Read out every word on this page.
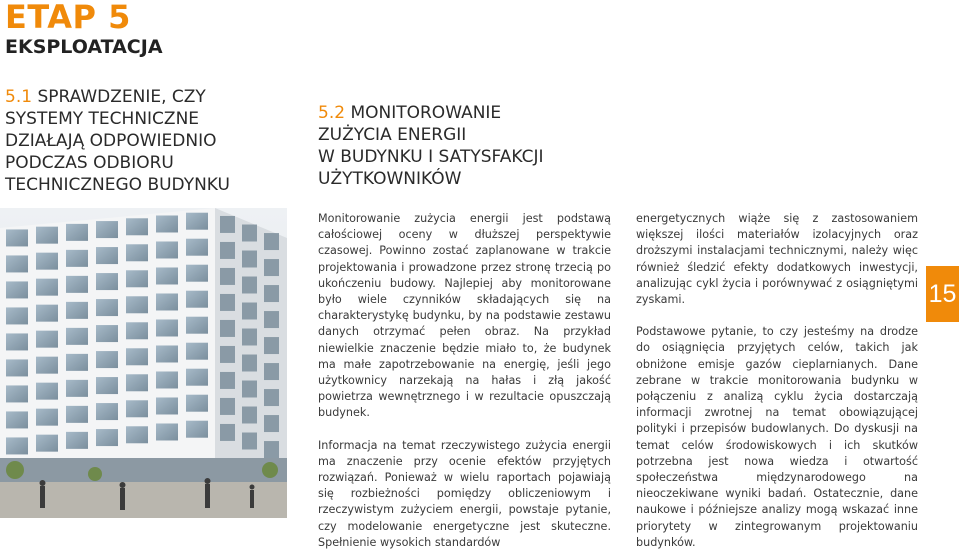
ETAP 5
EKSPLOATACJA
5.1 SPRAWDZENIE, CZY
SYSTEMY TECHNICZNE
DZIAŁAJĄ ODPOWIEDNIO
PODCZAS ODBIORU
TECHNICZNEGO BUDYNKU
5.2 MONITOROWANIE
ZUŻYCIA ENERGII
W BUDYNKU I SATYSFAKCJI
UŻYTKOWNIKÓW

Monitorowanie zużycia energii jest podstawą całościowej oceny w dłuższej perspektywie czasowej. Powinno zostać zaplanowane w trakcie projektowania i prowadzone przez stronę trzecią po ukończeniu budowy. Najlepiej aby monitorowane było wiele czynników składających się na charakterystykę budynku, by na podstawie zestawu danych otrzymać pełen obraz. Na przykład niewielkie znaczenie będzie miało to, że budynek ma małe zapotrzebowanie na energię, jeśli jego użytkownicy narzekają na hałas i złą jakość powietrza wewnętrznego i w rezultacie opuszczają budynek.

Informacja na temat rzeczywistego zużycia energii ma znaczenie przy ocenie efektów przyjętych rozwiązań. Ponieważ w wielu raportach pojawiają się rozbieżności pomiędzy obliczeniowym i rzeczywistym zużyciem energii, powstaje pytanie, czy modelowanie energetyczne jest skuteczne. Spełnienie wysokich standardów

energetycznych wiąże się z zastosowaniem większej ilości materiałów izolacyjnych oraz droższymi instalacjami technicznymi, należy więc również śledzić efekty dodatkowych inwestycji, analizując cykl życia i porównywać z osiągniętymi zyskami.

Podstawowe pytanie, to czy jesteśmy na drodze do osiągnięcia przyjętych celów, takich jak obniżone emisje gazów cieplarnianych. Dane zebrane w trakcie monitorowania budynku w połączeniu z analizą cyklu życia dostarczają informacji zwrotnej na temat obowiązującej polityki i przepisów budowlanych. Do dyskusji na temat celów środowiskowych i ich skutków potrzebna jest nowa wiedza i otwartość społeczeństwa międzynarodowego na nieoczekiwane wyniki badań. Ostatecznie, dane naukowe i późniejsze analizy mogą wskazać inne priorytety w zintegrowanym projektowaniu budynków.

15
